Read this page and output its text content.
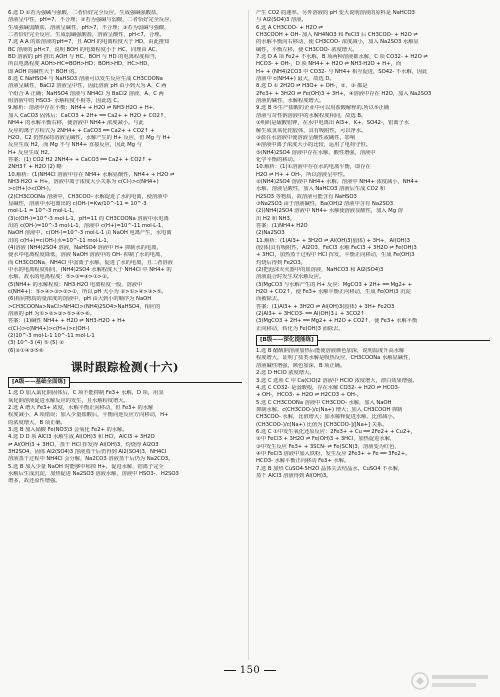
6.选 D ①若为强碱与强酸，二者恰好完全反应，生成强碱强酸盐，
溶液呈中性，pH=7，不合理；②若为强碱与弱酸，二者恰好完全反应，
生成强碱弱酸盐，溶液呈碱性，pH>7，不合理；③若为弱碱与强酸，
二者恰好完全反应，生成弱碱强酸盐，溶液呈酸性，pH<7，合理。
7.选 A A 的盐溶液的pH=7，且 AOH 的电离程度大于 HD，由此推知
BC 溶液的 pH<7，说明 BOH 的电离程度小于 HC，同理由 AC、
BD 溶液的 pH 推出 AOH 与 HC、BOH 与 HD 的电离程度相当，
所以电离程度 AOH>HC=BOH>HD；BOH>HD，HC>HD，
即 AOH 的碱性大于 BOH 的。
8.选 C NaHSO4 与 NaHSO3 溶液可以发生反应生成 CH3COONa
溶液呈碱性，BaCl2 溶液呈中性，因此溶液 pH 由小到大为 A、C 两
个组合 A 正确；NaHSO4 溶液与 NH4Cl 为 BaCl2 溶液，A、C 两
组溶液中的 HSO3- 水解程度不相等，因此选 C。
9.解析：溶液中存在平衡：NH4+ + H2O ⇌ NH3·H2O + H+，
加入 CaCO3 固体后：CaCO3 + 2H+ ══ Ca2+ + H2O + CO2↑，
NH4+ 的水解平衡右移，使溶液中 NH4+ 浓度减小。与此
反应的离子方程式为 2NH4+ + CaCO3 ══ Ca2+ + CO2↑ +
H2O，C2 仍然保持溶液呈碱性，水解产生的 H+ 反应，但 Mg 与 H+
反应生成 H2，而 Mg 不与 NH4+ 直接反应，因此 Mg 与
H+ 反应生成 H2。
答案：(1) CO2 H2 2NH4+ + CaCO3 ══ Ca2+ + CO2↑ +
2NH3↑ + H2O (2) 略
10.解析：(1)NH4Cl 溶液中存在 NH4+ 水解显酸性，NH4+ + H2O ⇌
NH3·H2O + H+，溶液中离子浓度大小关系为 c(Cl-)>c(NH4+)
>c(H+)>c(OH-)。
(2)CH3COONa 溶液中，CH3COO- 水解促进了水的电离，使溶液中
显碱性，溶液中水电离出的 c(OH-)=Kw/10^-11 = 10^-3
mol·L-1 = 10^-3 mol·L-1。
(3)c(OH-)=10^-3 mol·L-1，pH=11 的 CH3COONa 溶液中水电离
出的 c(OH-)=10^-3 mol·L-1，溶液中 c(H+)=10^-11 mol·L-1，
NaOH 溶液中，c(OH-)=10^-3 mol·L-1 由 NaOH 电离产生，水电离
出的 c(H+)=c(OH-)水=10^-11 mol·L-1，
(4)溶液 (NH4)2SO4 溶液，NaHSO4 溶液中 H+ 抑制水的电离，
使水中电离程度降低，溶液 NaOH 溶液中的 OH- 抑制了水的电离，
而 CH3COONa、NH4Cl 中弱离子水解，促进了水的电离，且二者溶液
中水的电离程度相同，(NH4)2SO4 水解程度大于 NH4Cl 中 NH4+ 的
水解，故水的电离程度：⑤>③=④>①>②。
(5)NH4+ 的水解程度：NH3·H2O 电离程度一般，溶液中
c(NH4+)：⑤>④>③>②>①，所以 pH 大小为 ②>①>④>③>⑤。
(6)相同物质的量浓度的溶液中，pH 由大到小的顺序为 NaOH
>CH3COONa>NaCl>NH4Cl>(NH4)2SO4>NaHSO4，相应的
溶液的 pH 为①>②>③>⑤>④>⑥。
答案：(1)碱性 NH4+ + H2O ⇌ NH3·H2O + H+
c(Cl-)>c(NH4+)>c(H+)>c(OH-)
(2)10^-3 mol·L-1 10^-11 mol·L-1
(3) 10^-3 (4) ⑤ (5) ②
(6)②①④③⑤⑥
课时跟踪检测(十六)
[A级——基础全面练]
1.选 D 加入氯化钠固体后，C 项不能抑制 Fe3+ 水解，D 项，用氢
氧化钠溶液促进水解反应的发生，且水解程度增大。
2.选 A 增大 Fe3+ 浓度，水解平衡正向移动，但 Fe3+ 的水解
程度减小，A 项错误；加入少量盐酸后，平衡向逆反应方向移动，H+
的浓度增大，B 项正确。
3.选 B 加入硝酸 Fe(NO3)3 会氧化 Fe2+ 的水解。
4.选 D D 项 AlCl3 水解生成 Al(OH)3 和 HCl，AlCl3 + 3H2O
⇌ Al(OH)3 + 3HCl，蒸干 HCl 挥发得 Al(OH)3，灼烧得 Al2O3
3H2SO4，固体 Al2(SO4)3 溶液蒸干后仍得到 Al2(SO4)3，NH4Cl
溶液蒸干过程中 NH4Cl 会分解，Na2CO3 溶液蒸干后仍为 Na2CO3。
5.选 B 加入少量 NaOH 时能够中和掉 H+，促进水解，铝离子完全
水解后生成沉淀，加热促进 Na2SO3 溶液水解，溶液中 HSO3-、H2SO3
增多，故还原性增强。
产生 CO2 的速率。另外溶液的 pH 变大说明溶液的原料是 NaHCO3
与 Al2(SO4)3 溶液。
6.选 A CH3COO- + H2O ⇌
CH3COOH + OH- 加入 NH4NO3 和 FeCl3 后 CH3COO- + H2O ⇌
的水解平衡向右移动，使 CH3COO- 浓度减小，加入 Na2SO3 水解显
碱性，平衡左移，使 CH3COO- 浓度增大。
7.选 D A 项 Fe2+ 不水解，B 项两种溶液都水解，C 项 CO32- + H2O ⇌
HCO3- + OH-，D 项 NH4+ + H2O ⇌ NH3·H2O + H+，而
H+ + (NH4)2CO3 中 CO32- 与 NH4+ 相互促进，SO42- 不水解，因此
溶液中 c(NH4+) 最大，故选 D。
8.选 D ① 2H2O ⇌ H3O+ + OH-，②、③ 都是
2Fe3+ + 3H2O ⇌ Fe(OH)3 + 3H+，④溶液中存在 H2O，加入 Na2SO3
溶液的碱性，水解程度增大。
9.选 B ⑤生产盐酸的企业中可以用盐酸解释的,所以⑤正确
溶液与苛性钠溶液中的水解程度相同，故选 B。
②明矾是硫酸铝钾，在水中电离出 Al3+、K+、SO42-，铝离子水
解生成氢氧化铝胶体，具有吸附性，可以净水。
③盐在水溶液中使溶液呈酸性或碱性，影响
④溶液中离子浓度大小的比较，运用了电荷守恒。
⑤(NH4)2SO4 溶液中存在水解，酸性增强，溶液中
化学平衡的移动。
10.解析：(1)①溶液中存在水的电离平衡，即存在
H2O ⇌ H+ + OH-，所以溶液呈中性。
②(NH4)2SO4 溶液中 NH4+ 水解，溶液中 NH4+ 浓度减小，NH4+
水解，溶液呈酸性，加入 NaHCO3 溶液后生成 CO2 和
H2SO3 等物质，故溶液可能含有 NaHSO3
③Na2SO3 由于溶液碱性，Ba(OH)2 溶液中含有 Na2SO3
(2)(NH4)2SO4 溶液中 NH4+ 水解使溶液显酸性，加入 Mg 溶
出 H2 和 NH3。
答案：(1)NH4+ H2O
(2)Na2SO3
11.解析：(1)Al3+ + 3H2O ⇌ Al(OH)3(胶体) + 3H+，Al(OH)3
(胶体)具有吸附性，Al2O3、FeCl3 水解 FeCl3 + 3H2O ⇌ Fe(OH)3
+ 3HCl，加热蒸干过程中 HCl 挥发，平衡正向移动，生成 Fe(OH)3
灼烧后得到 Fe2O3。
(2)把泡沫灭火器中的盐溶液，NaHCO3 和 Al2(SO4)3
溶液混合时发生双水解反应。
(3)MgCO3 与水解产生的 H+ 反应：MgCO3 + 2H+ ══ Mg2+ +
H2O + CO2↑，使 Fe3+ 水解平衡正向移动，生成 Fe(OH)3 沉淀
而被除去。
答案：(1)Al3+ + 3H2O ⇌ Al(OH)3(胶体) + 3H+ Fe2O3
(2)Al3+ + 3HCO3- ══ Al(OH)3↓ + 3CO2↑
(3)MgCO3 + 2H+ ══ Mg2+ + H2O + CO2↑，使 Fe3+ 水解平衡
正向移动，转化为 Fe(OH)3 而除去。
[B级——深化提能练]
1.选 B 醋酸钠溶液加热后能使溶液颜色加深，说明温度升高水解
程度增大，证明了盐类水解是吸热反应，CH3COONa 水解显碱性，
溶液碱性增强，颜色加深，B 项正确。
2.选 D HClO 浓度增大。
3.选 C 选项 C 中 Ca(ClO)2 溶液中 HClO 浓度增大，漂白效果增强。
4.选 C CO32- 是弱酸根，存在水解 CO32- + H2O ⇌ HCO3-
+ OH-，HCO3- + H2O ⇌ H2CO3 + OH-。
5.选 C CH3COONa 溶液中 CH3COO- 水解，加入 NaOH
抑制水解，c(CH3COO-)/c(Na+) 增大；加入 CH3COOH 抑制
CH3COO- 水解，比值增大；加水稀释促进水解，比值减小。
(CH3COO-)/c(Na+) 比值为 [CH3COO-]/[Na+] 关系。
6.选 C ①中发生氧化还原反应：2Fe3+ + Cu ══ 2Fe2+ + Cu2+，
②中 FeCl3 + 3H2O ⇌ Fe(OH)3 + 3HCl，加热促进水解，
③中发生反应 Fe3+ + 3SCN- ⇌ Fe(SCN)3，溶液变为红色，
④中 FeCl3 溶液中加入铁粉，发生反应 2Fe3+ + Fe ══ 3Fe2+。
HCO3- 水解平衡正向移动 Fe3+ 水解。
7.选 B 加热 CuSO4·5H2O 晶体失去结晶水，CuSO4 不水解，
蒸干 AlCl3 溶液得到 Al(OH)3。
150
